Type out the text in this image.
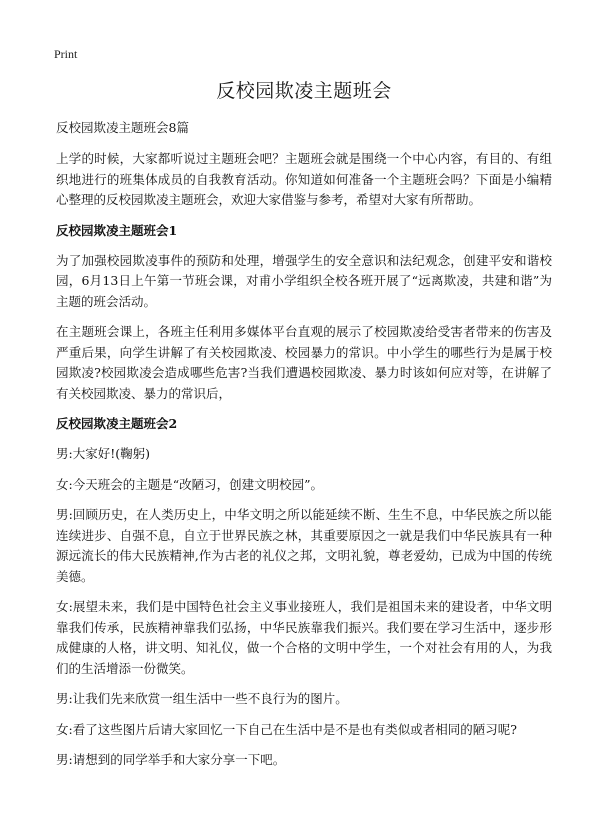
Print
反校园欺凌主题班会
反校园欺凌主题班会8篇
上学的时候，大家都听说过主题班会吧？主题班会就是围绕一个中心内容，有目的、有组织地进行的班集体成员的自我教育活动。你知道如何准备一个主题班会吗？下面是小编精心整理的反校园欺凌主题班会，欢迎大家借鉴与参考，希望对大家有所帮助。
反校园欺凌主题班会1
为了加强校园欺凌事件的预防和处理，增强学生的安全意识和法纪观念，创建平安和谐校园，6月13日上午第一节班会课，对甫小学组织全校各班开展了“远离欺凌，共建和谐”为主题的班会活动。
在主题班会课上，各班主任利用多媒体平台直观的展示了校园欺凌给受害者带来的伤害及严重后果，向学生讲解了有关校园欺凌、校园暴力的常识。中小学生的哪些行为是属于校园欺凌?校园欺凌会造成哪些危害?当我们遭遇校园欺凌、暴力时该如何应对等，在讲解了有关校园欺凌、暴力的常识后，
反校园欺凌主题班会2
男:大家好!(鞠躬)
女:今天班会的主题是“改陋习，创建文明校园”。
男:回顾历史，在人类历史上，中华文明之所以能延续不断、生生不息，中华民族之所以能连续进步、自强不息，自立于世界民族之林，其重要原因之一就是我们中华民族具有一种源远流长的伟大民族精神,作为古老的礼仪之邦，文明礼貌，尊老爱幼，已成为中国的传统美德。
女:展望未来，我们是中国特色社会主义事业接班人，我们是祖国未来的建设者，中华文明靠我们传承，民族精神靠我们弘扬，中华民族靠我们振兴。我们要在学习生活中，逐步形成健康的人格，讲文明、知礼仪，做一个合格的文明中学生，一个对社会有用的人，为我们的生活增添一份微笑。
男:让我们先来欣赏一组生活中一些不良行为的图片。
女:看了这些图片后请大家回忆一下自己在生活中是不是也有类似或者相同的陋习呢?
男:请想到的同学举手和大家分享一下吧。
